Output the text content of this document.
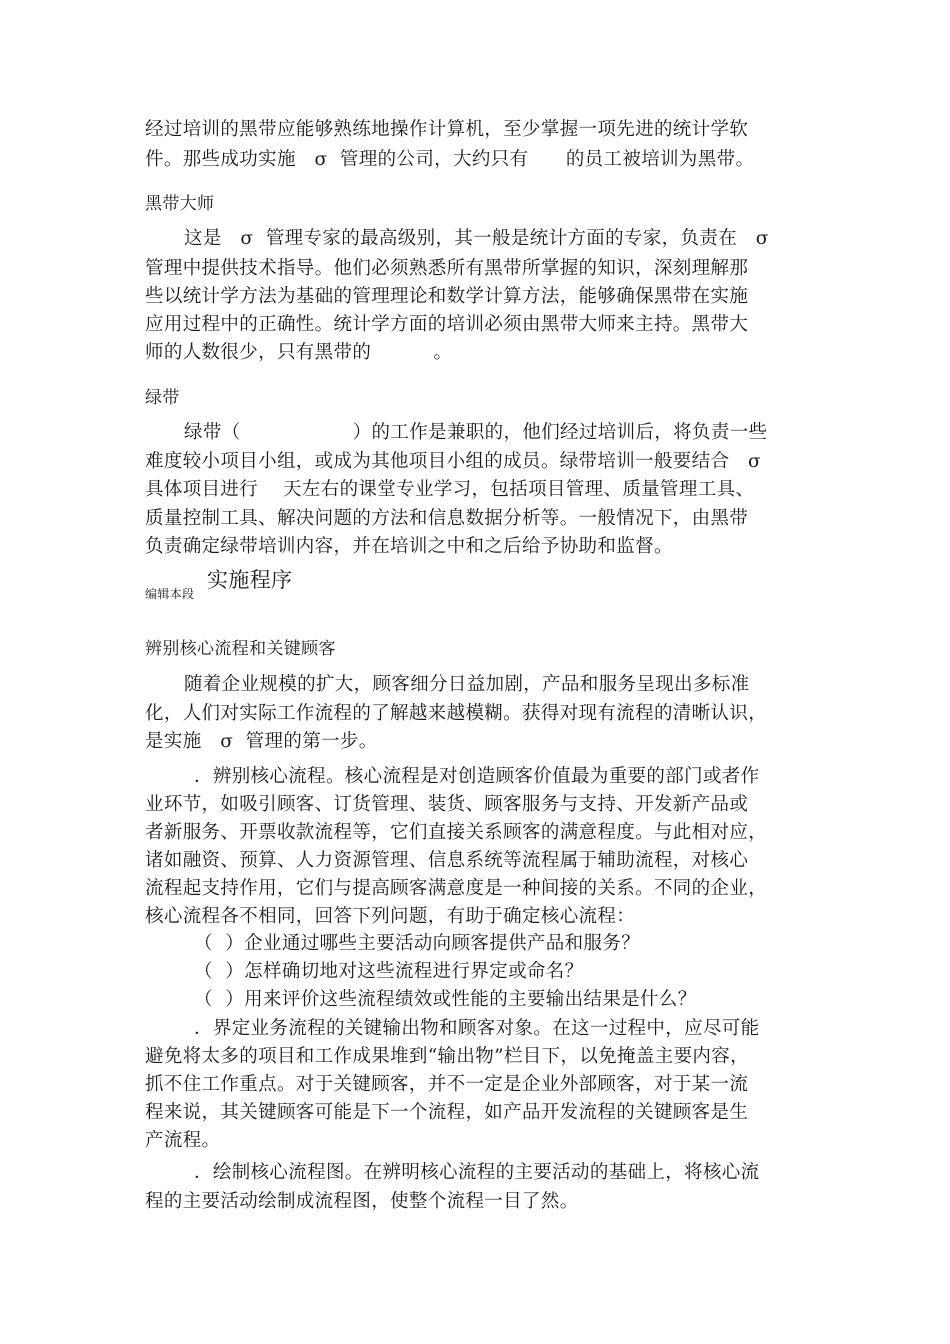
经过培训的黑带应能够熟练地操作计算机，至少掌握一项先进的统计学软
件。那些成功实施   σ  管理的公司，大约只有      的员工被培训为黑带。
黑带大师
这是   σ  管理专家的最高级别，其一般是统计方面的专家，负责在   σ
管理中提供技术指导。他们必须熟悉所有黑带所掌握的知识，深刻理解那
些以统计学方法为基础的管理理论和数学计算方法，能够确保黑带在实施
应用过程中的正确性。统计学方面的培训必须由黑带大师来主持。黑带大
师的人数很少，只有黑带的          。
绿带
绿带（                  ）的工作是兼职的，他们经过培训后，将负责一些
难度较小项目小组，或成为其他项目小组的成员。绿带培训一般要结合   σ
具体项目进行    天左右的课堂专业学习，包括项目管理、质量管理工具、
质量控制工具、解决问题的方法和信息数据分析等。一般情况下，由黑带
负责确定绿带培训内容，并在培训之中和之后给予协助和监督。
编辑本段
实施程序
辨别核心流程和关键顾客
随着企业规模的扩大，顾客细分日益加剧，产品和服务呈现出多标准
化，人们对实际工作流程的了解越来越模糊。获得对现有流程的清晰认识，
是实施   σ  管理的第一步。
．辨别核心流程。核心流程是对创造顾客价值最为重要的部门或者作
业环节，如吸引顾客、订货管理、装货、顾客服务与支持、开发新产品或
者新服务、开票收款流程等，它们直接关系顾客的满意程度。与此相对应，
诸如融资、预算、人力资源管理、信息系统等流程属于辅助流程，对核心
流程起支持作用，它们与提高顾客满意度是一种间接的关系。不同的企业，
核心流程各不相同，回答下列问题，有助于确定核心流程：
（  ）企业通过哪些主要活动向顾客提供产品和服务？
（  ）怎样确切地对这些流程进行界定或命名？
（  ）用来评价这些流程绩效或性能的主要输出结果是什么？
．界定业务流程的关键输出物和顾客对象。在这一过程中，应尽可能
避免将太多的项目和工作成果堆到“输出物”栏目下，以免掩盖主要内容，
抓不住工作重点。对于关键顾客，并不一定是企业外部顾客，对于某一流
程来说，其关键顾客可能是下一个流程，如产品开发流程的关键顾客是生
产流程。
．绘制核心流程图。在辨明核心流程的主要活动的基础上，将核心流
程的主要活动绘制成流程图，使整个流程一目了然。
